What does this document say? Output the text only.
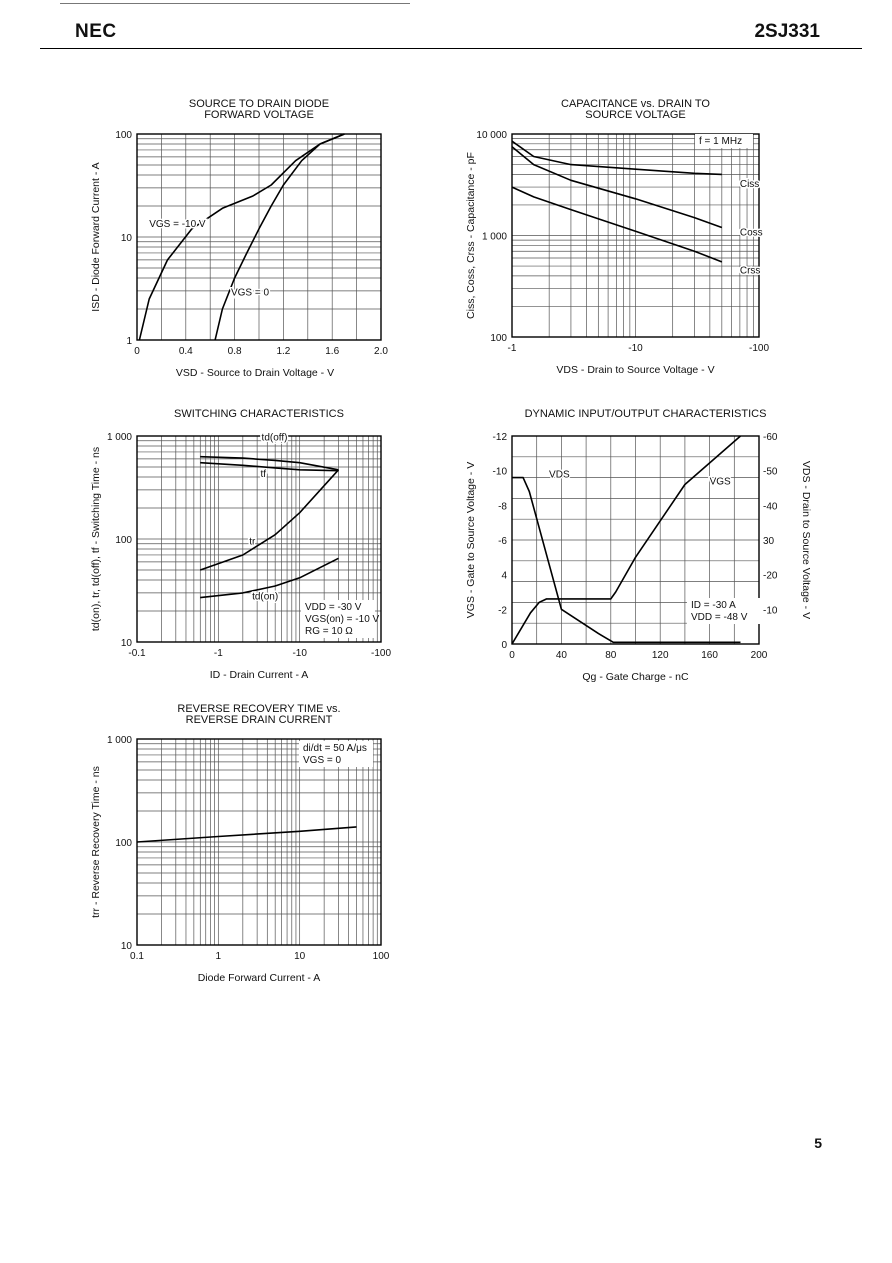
NEC	2SJ331
5
SOURCE TO DRAIN DIODE
FORWARD VOLTAGE
0	0.4	0.8	1.2	1.6	2.0
1
10
100
VSD - Source to Drain Voltage - V
ISD - Diode Forward Current - A	VGS = -10 V
VGS = 0
CAPACITANCE vs. DRAIN TO
SOURCE VOLTAGE
-1	-10	-100
100
1 000
10 000
VDS - Drain to Source Voltage - V
Ciss, Coss, Crss - Capacitance - pF	Ciss
Coss
Crss
f = 1 MHz
SWITCHING CHARACTERISTICS
-0.1	-1	-10	-100
10
100
1 000
ID - Drain Current - A
td(on), tr, td(off), tf - Switching Time - ns
td(off)
tf
tr
td(on)
VDD = -30 V
VGS(on) = -10 V
RG = 10 Ω
DYNAMIC INPUT/OUTPUT CHARACTERISTICS
0	40	80	120	160	200
0
-2
4
-6
-8
-10
-12
Qg - Gate Charge - nC
VGS - Gate to Source Voltage - V	-10
-20
30
-40
-50
-60
VDS - Drain to Source Voltage - V
VDS
VGS
ID = -30 A
VDD = -48 V
REVERSE RECOVERY TIME vs.
REVERSE DRAIN CURRENT
0.1	1	10	100
10
100
1 000
Diode Forward Current - A
trr - Reverse Recovery Time - ns
di/dt = 50 A/μs
VGS = 0
